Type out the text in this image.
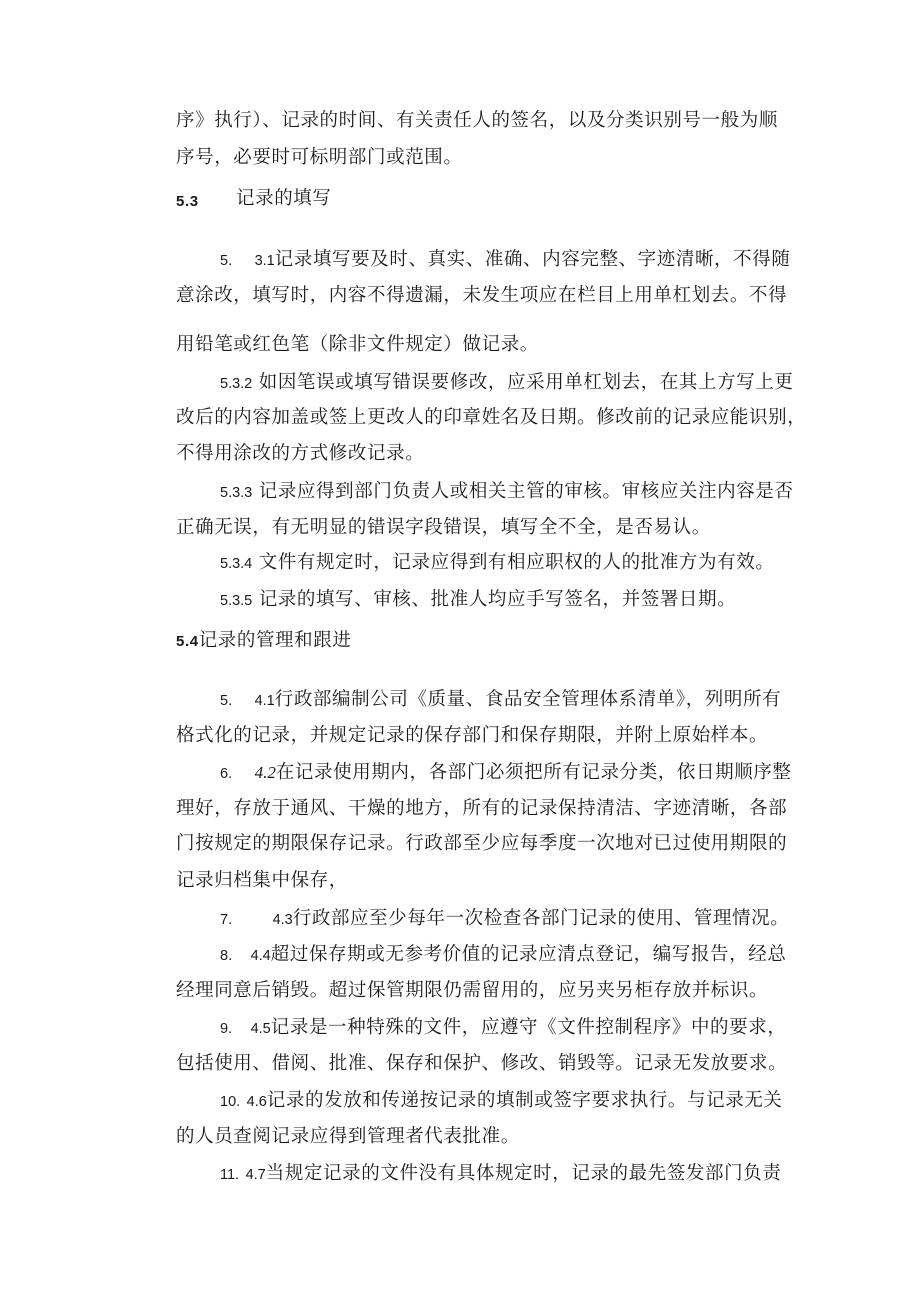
序》执行）、记录的时间、有关责任人的签名，以及分类识别号一般为顺
序号，必要时可标明部门或范围。
5.3 记录的填写
5. 3.1记录填写要及时、真实、准确、内容完整、字迹清晰，不得随
意涂改，填写时，内容不得遗漏，未发生项应在栏目上用单杠划去。不得
用铅笔或红色笔（除非文件规定）做记录。
5.3.2 如因笔误或填写错误要修改，应采用单杠划去，在其上方写上更
改后的内容加盖或签上更改人的印章姓名及日期。修改前的记录应能识别，
不得用涂改的方式修改记录。
5.3.3 记录应得到部门负责人或相关主管的审核。审核应关注内容是否
正确无误，有无明显的错误字段错误，填写全不全，是否易认。
5.3.4 文件有规定时，记录应得到有相应职权的人的批准方为有效。
5.3.5 记录的填写、审核、批准人均应手写签名，并签署日期。
5.4记录的管理和跟进
5. 4.1行政部编制公司《质量、食品安全管理体系清单》，列明所有
格式化的记录，并规定记录的保存部门和保存期限，并附上原始样本。
6. 4.2在记录使用期内，各部门必须把所有记录分类，依日期顺序整
理好，存放于通风、干燥的地方，所有的记录保持清洁、字迹清晰，各部
门按规定的期限保存记录。行政部至少应每季度一次地对已过使用期限的
记录归档集中保存，
7.	4.3行政部应至少每年一次检查各部门记录的使用、管理情况。
8. 4.4超过保存期或无参考价值的记录应清点登记，编写报告，经总
经理同意后销毁。超过保管期限仍需留用的，应另夹另柜存放并标识。
9. 4.5记录是一种特殊的文件，应遵守《文件控制程序》中的要求，
包括使用、借阅、批准、保存和保护、修改、销毁等。记录无发放要求。
10. 4.6记录的发放和传递按记录的填制或签字要求执行。与记录无关
的人员查阅记录应得到管理者代表批准。
11. 4.7当规定记录的文件没有具体规定时，记录的最先签发部门负责
